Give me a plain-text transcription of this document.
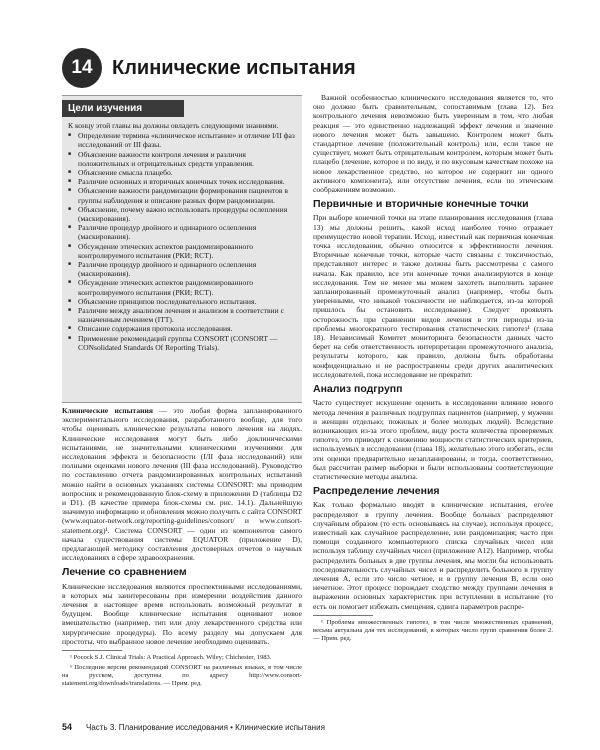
14 Клинические испытания
Цели изучения
К концу этой главы вы должны овладеть следующими знаниями.
■ Определение термина «клиническое испытание» и отличие I/II фаз исследований от III фазы.
■ Объяснение важности контроля лечения и различия положительных и отрицательных средств управления.
■ Объяснение смысла плацебо.
■ Различие основных и вторичных конечных точек исследования.
■ Объяснение важности рандомизации формирования пациентов в группы наблюдения и описание разных форм рандомизации.
■ Объяснение, почему важно использовать процедуры ослепления (маскирования).
■ Различие процедур двойного и одинарного ослепления (маскирования).
■ Обсуждение этических аспектов рандомизированного контролируемого испытания (РКИ; RCT).
■ Различие процедур двойного и одинарного ослепления (маскирования).
■ Обсуждение этических аспектов рандомизированного контролируемого испытания (РКИ; RCT).
■ Объяснение принципов последовательного испытания.
■ Различие между анализом лечения и анализом в соответствии с назначенным лечением (ITT).
■ Описание содержания протокола исследования.
■ Применение рекомендаций группы CONSORT (CONSORT — CONsolidated Standards Of Reporting Trials).

Клинические испытания — это любая форма запланированного экспериментального исследования, разработанного вообще, для того чтобы оценивать клинические результаты нового лечения на людях. Клинические исследования могут быть либо доклиническими испытаниями, не значительными клиническими изучениями для исследования эффекта и безопасности (I/II фаза исследований) или полными оценками нового лечения (III фаза исследований). Руководство по составлению отчета рандомизированных контрольных испытаний можно найти в основных указаниях системы CONSORT: мы приводим вопросник и рекомендованную блок-схему в приложении D (таблицы D2 и D1). (В качестве примера блок-схемы см. рис. 14.1). Дальнейшую значимую информацию и обновления можно получить с сайта CONSORT (www.equator-network.org/reporting-guidelines/consort/ и www.consort-statement.org)¹. Система CONSORT — один из компонентов самого начала существования системы EQUATOR (приложение D), предлагающей методику составления достоверных отчетов о научных исследованиях в сфере здравоохранения.

Лечение со сравнением

Клинические исследования являются проспективными исследованиями, в которых мы заинтересованы при измерении воздействия данного лечения в настоящее время использовать возможный результат в будущем. Вообще клинические испытания оценивают новое вмешательство (например, тип или дозу лекарственного средства или хирургические процедуры). По всему разделу мы допускаем для простоты, что выбранное новое лечение необходимо оценивать.

¹ Pocock S.J. Clinical Trials: A Practical Approach. Wiley; Chichester, 1983.

¹ Последние версии рекомендаций CONSORT на различных языках, в том числе на русском, доступны по адресу http://www.consort-statement.org/downloads/translations. — Прим. ред.

Важной особенностью клинического исследования является то, что оно должно быть сравнительным, сопоставимым (глава 12). Без контрольного лечения невозможно быть уверенным в том, что любая реакция — это единственно надлежащий эффект лечения и значение нового лечения может быть завышено. Контролем может быть стандартное лечение (положительный контроль) или, если такое не существует, может быть отрицательным контролем, которым может быть плацебо (лечение, которое и по виду, и по вкусовым качествам похоже на новое лекарственное средство, но которое не содержит ни одного активного компонента), или отсутствие лечения, если по этическим соображениям возможно.

Первичные и вторичные конечные точки

При выборе конечной точки на этапе планирования исследования (глава 13) мы должны решить, какой исход наиболее точно отражает преимущество новой терапии. Исход, известный как первичная конечная точка исследования, обычно относится к эффективности лечения. Вторичные конечные точки, которые часто связаны с токсичностью, представляют интерес и также должны быть рассмотрены с самого начала. Как правило, все эти конечные точки анализируются в конце исследования. Тем не менее мы можем захотеть выполнить заранее запланированный промежуточный анализ (например, чтобы быть уверенными, что никакой токсичности не наблюдается, из-за которой пришлось бы остановить исследование). Следует проявлять осторожность при сравнении видов лечения в эти периоды из-за проблемы многократного тестирования статистических гипотез¹ (глава 18). Независимый Комитет мониторинга безопасности данных часто берет на себя ответственность интерпретации промежуточного анализа, результаты которого, как правило, должны быть обработаны конфиденциально и не распространены среди других аналитических исследователей, пока исследование не прекратит.

Анализ подгрупп

Часто существует искушение оценить в исследовании влияние нового метода лечения в различных подгруппах пациентов (например, у мужчин и женщин отдельно; пожилых и более молодых людей). Вследствие возникающих из-за этого проблем, виду роста количества проверяемых гипотез, это приводит к снижению мощности статистических критериев, используемых в исследовании (глава 18), желательно этого избегать, если эти оценки предварительно незапланированы, и тогда, соответственно, был рассчитан размер выборки и были использованы соответствующие статистические методы анализа.

Распределение лечения

Как только формально вводят в клинические испытания, его/ее распределяют в группу лечения. Вообще больных распределяют случайным образом (то есть основываясь на случае), используя процесс, известный как случайное распределение, или рандомизация; часто при помощи созданного компьютерного списка случайных чисел или используя таблицу случайных чисел (приложение A12). Например, чтобы распределить больных в две группы лечения, мы могли бы использовать последовательность случайных чисел и распределить больного в группу лечения A, если это число четное, и в группу лечения B, если оно нечетное. Этот процесс порождает сходство между группами лечения в выражении основных характеристик при вступлении в испытание (то есть он помогает избежать смещения, сдвига параметров распре-

¹ Проблема множественных гипотез, в том числе множественных сравнений, весьма актуальна для тех исследований, в которых число групп сравнения более 2. — Прим. ред.

54 Часть 3. Планирование исследования • Клинические испытания
